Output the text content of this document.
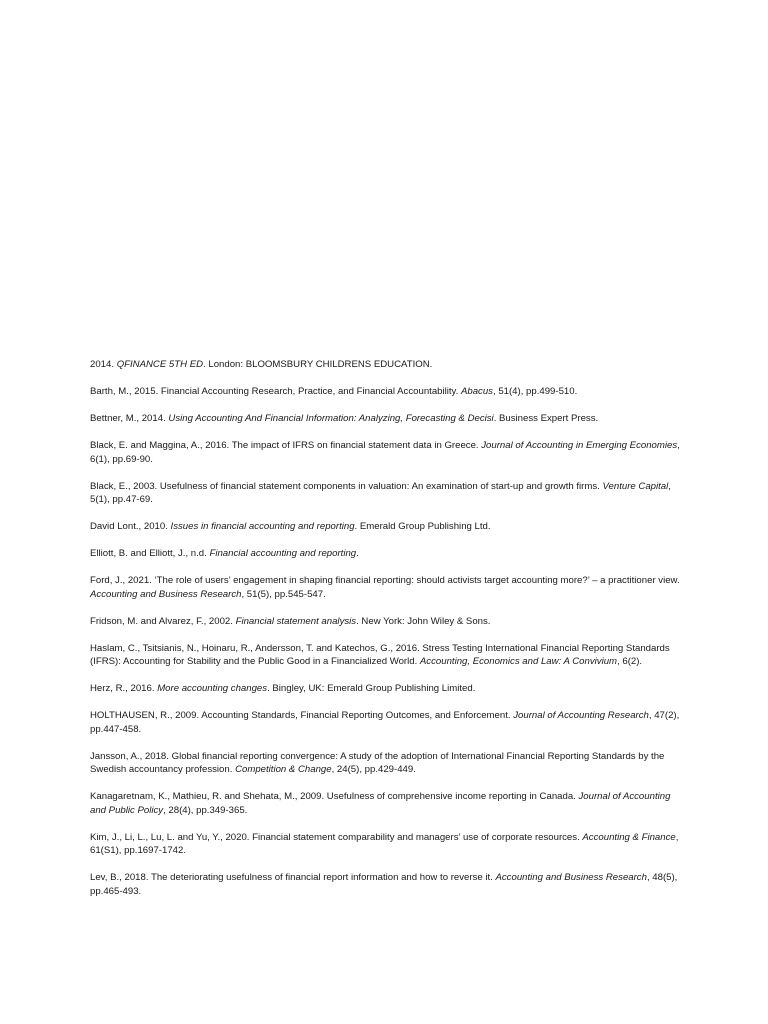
2014. QFINANCE 5TH ED. London: BLOOMSBURY CHILDRENS EDUCATION.
Barth, M., 2015. Financial Accounting Research, Practice, and Financial Accountability. Abacus, 51(4), pp.499-510.
Bettner, M., 2014. Using Accounting And Financial Information: Analyzing, Forecasting & Decisi. Business Expert Press.
Black, E. and Maggina, A., 2016. The impact of IFRS on financial statement data in Greece. Journal of Accounting in Emerging Economies, 6(1), pp.69-90.
Black, E., 2003. Usefulness of financial statement components in valuation: An examination of start-up and growth firms. Venture Capital, 5(1), pp.47-69.
David Lont., 2010. Issues in financial accounting and reporting. Emerald Group Publishing Ltd.
Elliott, B. and Elliott, J., n.d. Financial accounting and reporting.
Ford, J., 2021. ‘The role of users’ engagement in shaping financial reporting: should activists target accounting more?’ – a practitioner view. Accounting and Business Research, 51(5), pp.545-547.
Fridson, M. and Alvarez, F., 2002. Financial statement analysis. New York: John Wiley & Sons.
Haslam, C., Tsitsianis, N., Hoinaru, R., Andersson, T. and Katechos, G., 2016. Stress Testing International Financial Reporting Standards (IFRS): Accounting for Stability and the Public Good in a Financialized World. Accounting, Economics and Law: A Convivium, 6(2).
Herz, R., 2016. More accounting changes. Bingley, UK: Emerald Group Publishing Limited.
HOLTHAUSEN, R., 2009. Accounting Standards, Financial Reporting Outcomes, and Enforcement. Journal of Accounting Research, 47(2), pp.447-458.
Jansson, A., 2018. Global financial reporting convergence: A study of the adoption of International Financial Reporting Standards by the Swedish accountancy profession. Competition & Change, 24(5), pp.429-449.
Kanagaretnam, K., Mathieu, R. and Shehata, M., 2009. Usefulness of comprehensive income reporting in Canada. Journal of Accounting and Public Policy, 28(4), pp.349-365.
Kim, J., Li, L., Lu, L. and Yu, Y., 2020. Financial statement comparability and managers’ use of corporate resources. Accounting & Finance, 61(S1), pp.1697-1742.
Lev, B., 2018. The deteriorating usefulness of financial report information and how to reverse it. Accounting and Business Research, 48(5), pp.465-493.
